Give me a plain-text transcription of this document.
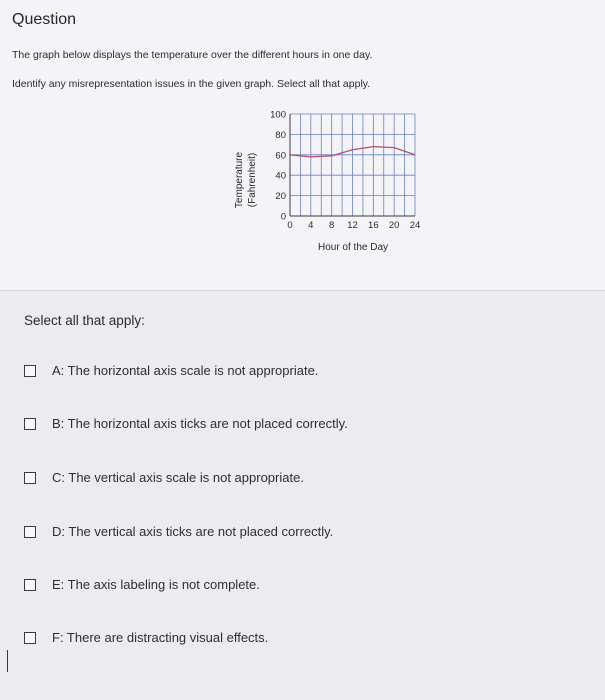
Question
The graph below displays the temperature over the different hours in one day.
Identify any misrepresentation issues in the given graph. Select all that apply.
0 4 8 12 16 20 24
0
20
40
60
80
100
Hour of the Day
Temperature (Fahrenheit)
Select all that apply:
A: The horizontal axis scale is not appropriate.
B: The horizontal axis ticks are not placed correctly.
C: The vertical axis scale is not appropriate.
D: The vertical axis ticks are not placed correctly.
E: The axis labeling is not complete.
F: There are distracting visual effects.
